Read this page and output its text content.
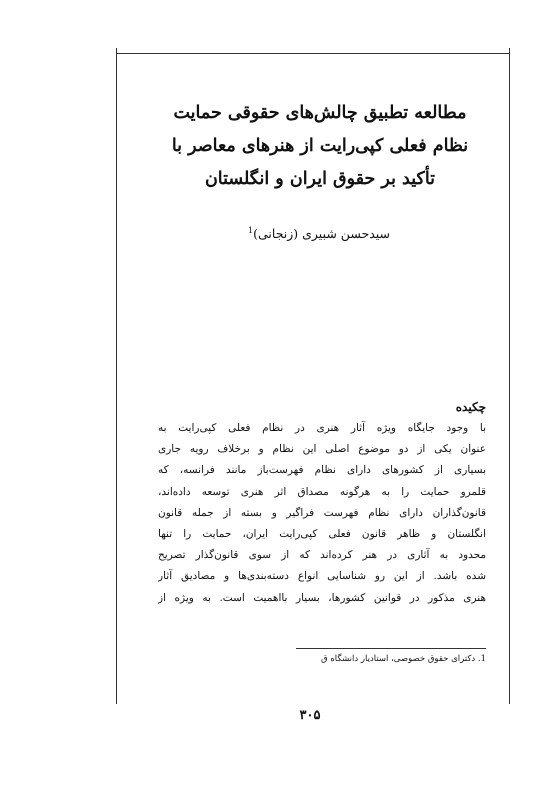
مطالعه تطبیق چالش‌های حقوقی حمایت
نظام فعلی کپی‌رایت از هنرهای معاصر با
تأکید بر حقوق ایران و انگلستان
سیدحسن شبیری (زنجانی)$^1$
چکیده
با وجود جایگاه ویژه آثار هنری در نظام فعلی کپی‌رایت به
عنوان یکی از دو موضوع اصلی این نظام و برخلاف رویه جاری
بسیاری از کشورهای دارای نظام فهرست‌باز مانند فرانسه، که
قلمرو حمایت را به هرگونه مصداق اثر هنری توسعه داده‌اند،
قانون‌گذاران دارای نظام فهرست فراگیر و بسته از جمله قانون
انگلستان و ظاهر قانون فعلی کپی‌رایت ایران، حمایت را تنها
محدود به آثاری در هنر کرده‌اند که از سوی قانون‌گذار تصریح
شده باشد. از این رو شناسایی انواع دسته‌بندی‌ها و مصادیق آثار
هنری مذکور در قوانین کشورها، بسیار بااهمیت است. به ویژه از
1. دکترای حقوق خصوصی، استادیار دانشگاه ق
۳۰۵
